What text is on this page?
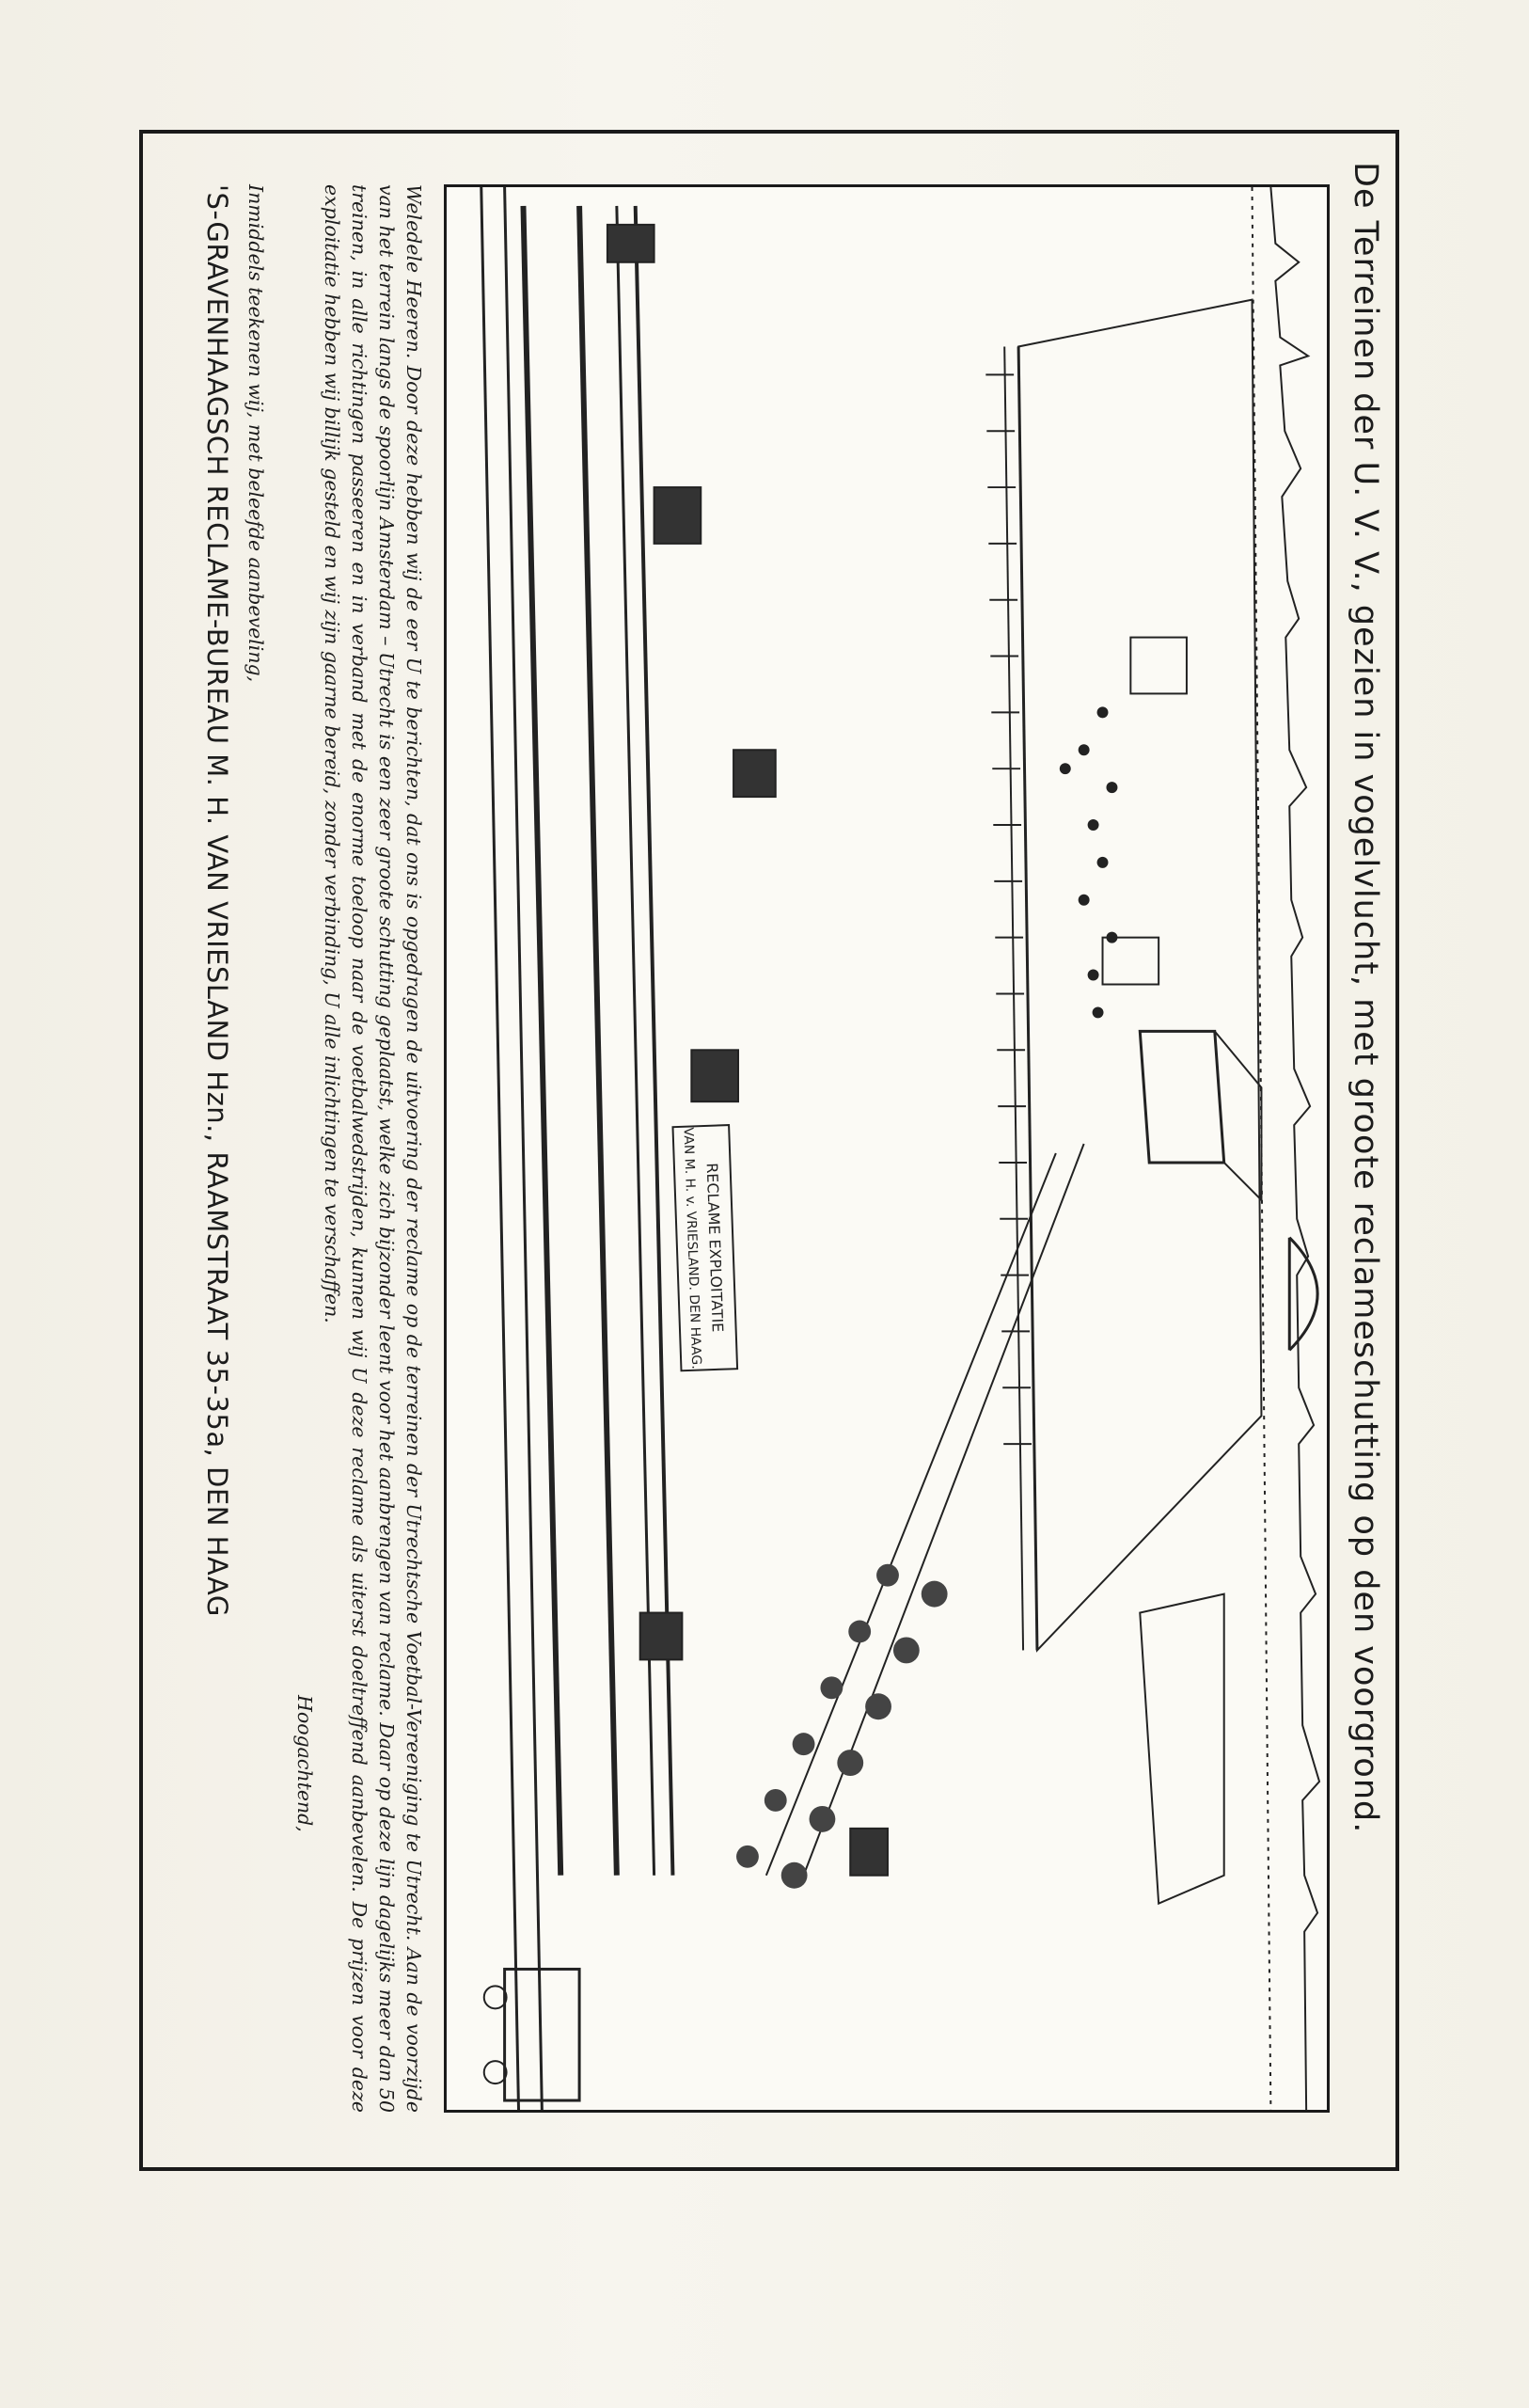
De Terreinen der U. V. V., gezien in vogelvlucht, met groote reclameschutting op den voorgrond.
RECLAME EXPLOITATIE
VAN M. H. v. VRIESLAND. DEN HAAG.

Weledele Heeren. Door deze hebben wij de eer U te berichten, dat ons is opgedragen de uitvoering der reclame op de terreinen der Utrechtsche Voetbal-Vereeniging te Utrecht. Aan de voorzijde van het terrein langs de spoorlijn Amsterdam – Utrecht is een zeer groote schutting geplaatst, welke zich bijzonder leent voor het aanbrengen van reclame. Daar op deze lijn dagelijks meer dan 50 treinen, in alle richtingen passeeren en in verband met de enorme toeloop naar de voetbalwedstrijden, kunnen wij U deze reclame als uiterst doeltreffend aanbevelen. De prijzen voor deze exploitatie hebben wij billijk gesteld en wij zijn gaarne bereid, zonder verbinding, U alle inlichtingen te verschaffen.

Hoogachtend,
Inmiddels teekenen wij, met beleefde aanbeveling,
'S-GRAVENHAAGSCH RECLAME-BUREAU M. H. VAN VRIESLAND Hzn., RAAMSTRAAT 35-35a, DEN HAAG
